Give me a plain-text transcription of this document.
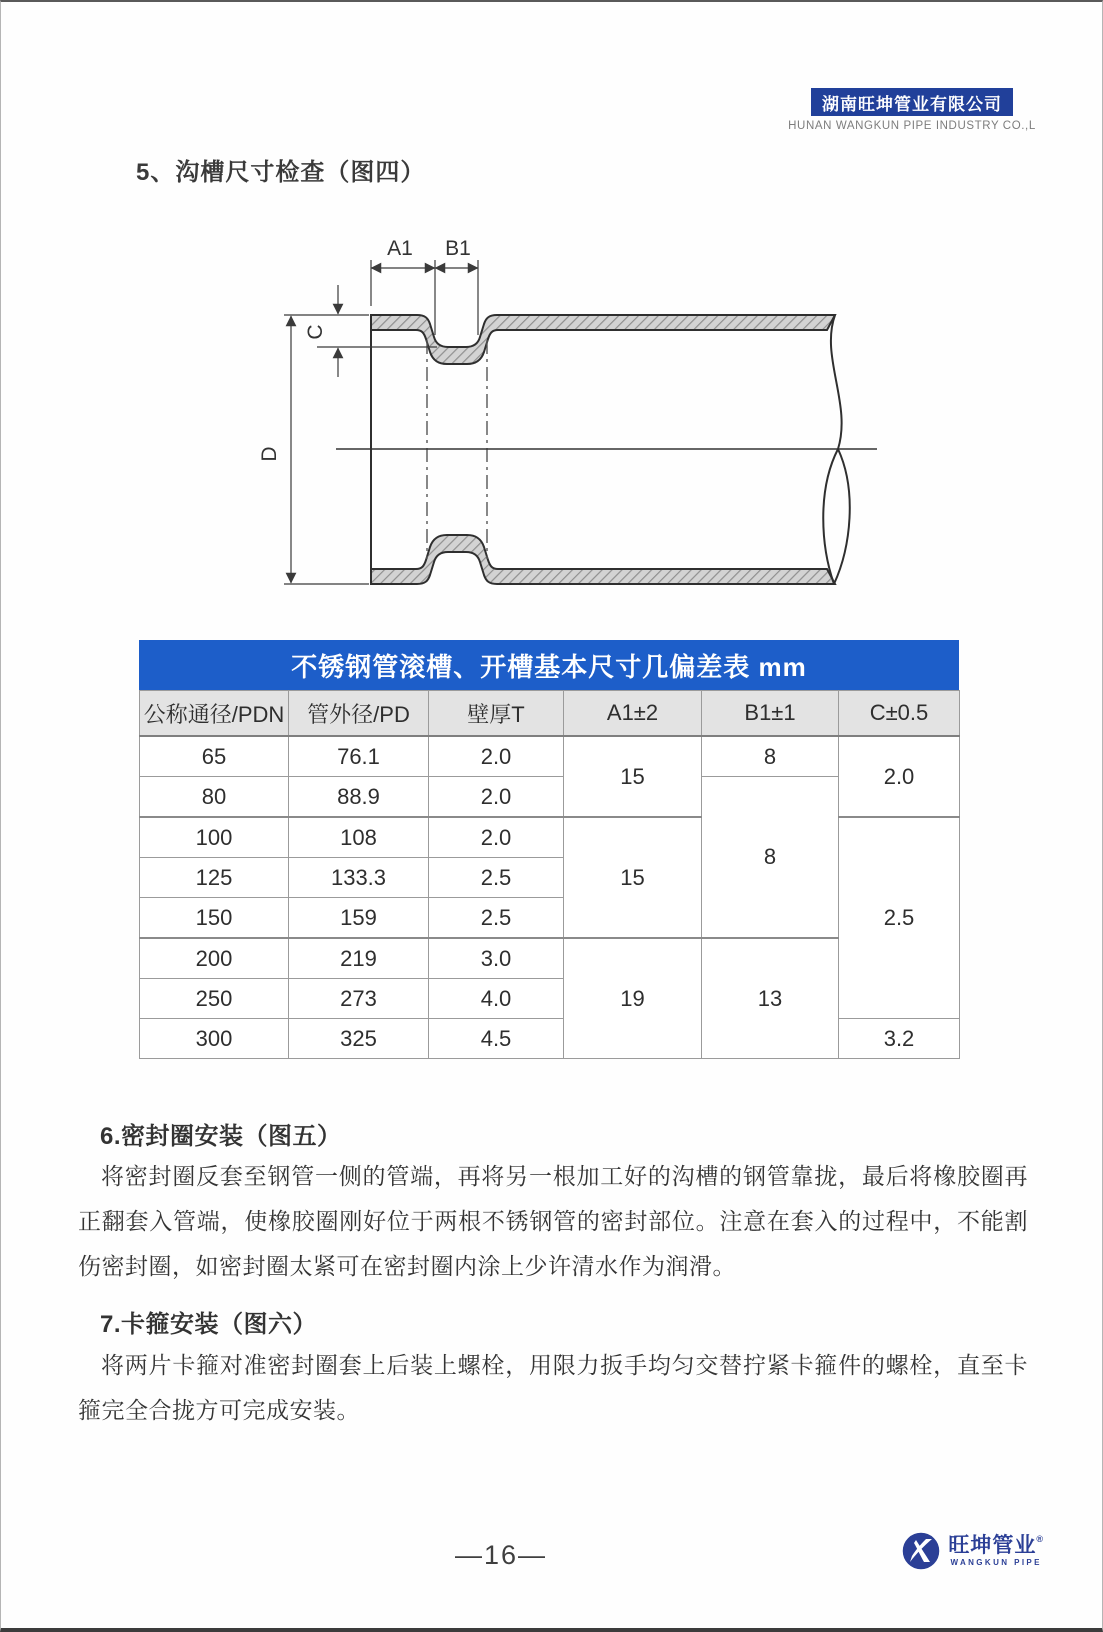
湖南旺坤管业有限公司
HUNAN WANGKUN PIPE INDUSTRY CO.,L
5、沟槽尺寸检查（图四）
A1 B1
C
D
不锈钢管滚槽、开槽基本尺寸几偏差表 mm
公称通径/PDN	管外径/PD	壁厚T	A1±2	B1±1	C±0.5
65	76.1	2.0	15	8	2.0
80	88.9	2.0		8	
100	108	2.0	15		2.5
125	133.3	2.5			
150	159	2.5			
200	219	3.0	19	13	
250	273	4.0			
300	325	4.5			3.2
6.密封圈安装（图五）
将密封圈反套至钢管一侧的管端，再将另一根加工好的沟槽的钢管靠拢，最后将橡胶圈再正翻套入管端，使橡胶圈刚好位于两根不锈钢管的密封部位。注意在套入的过程中，不能割伤密封圈，如密封圈太紧可在密封圈内涂上少许清水作为润滑。
7.卡箍安装（图六）
将两片卡箍对准密封圈套上后装上螺栓，用限力扳手均匀交替拧紧卡箍件的螺栓，直至卡箍完全合拢方可完成安装。
—16—	旺坤管业®
WANGKUN PIPE
